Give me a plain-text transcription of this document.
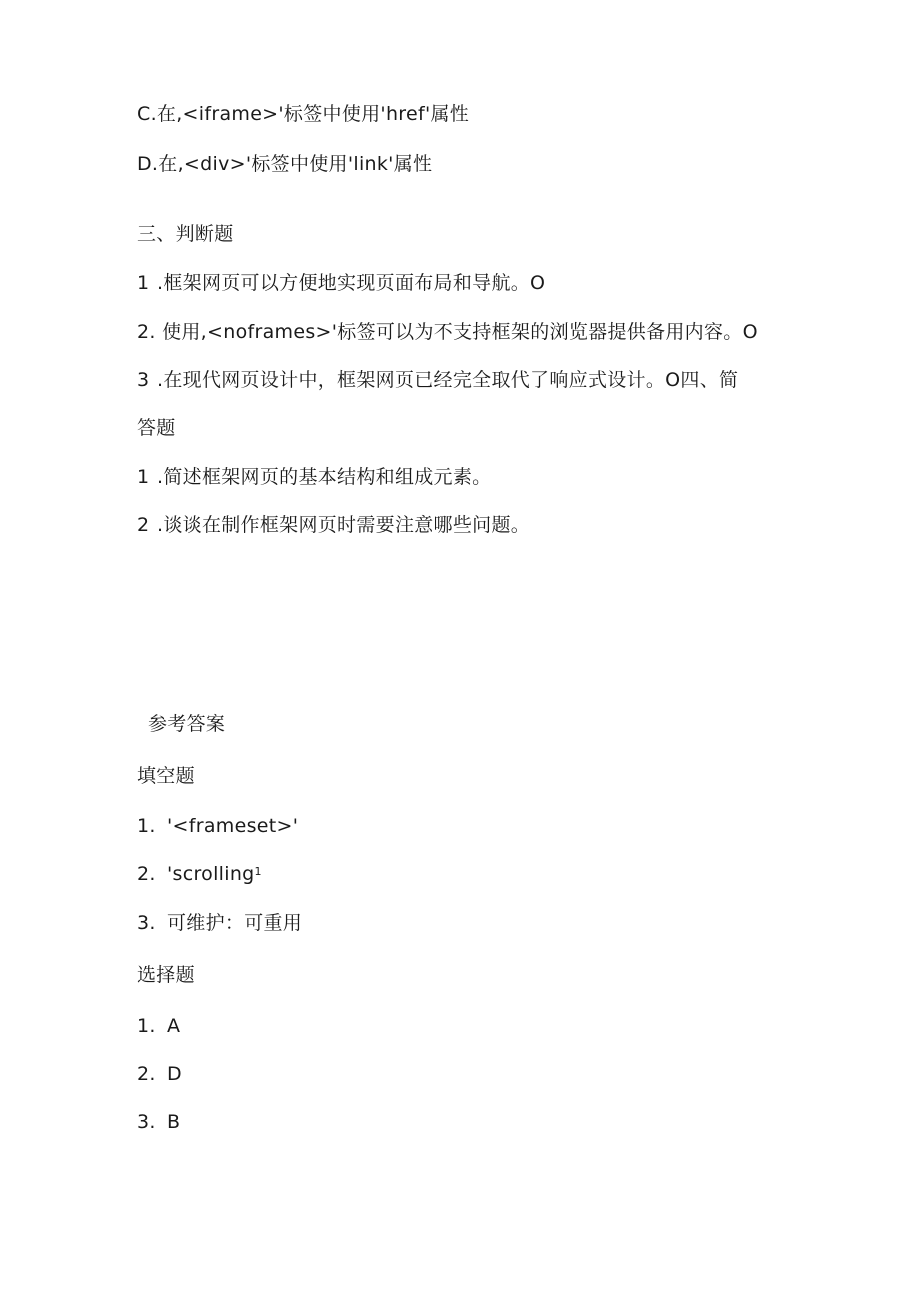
C.在,<iframe>'标签中使用'href'属性
D.在,<div>'标签中使用'link'属性
三、判断题
1 .框架网页可以方便地实现页面布局和导航。O
2. 使用,<noframes>'标签可以为不支持框架的浏览器提供备用内容。O
3 .在现代网页设计中，框架网页已经完全取代了响应式设计。O四、简
答题
1 .简述框架网页的基本结构和组成元素。
2 .谈谈在制作框架网页时需要注意哪些问题。
参考答案
填空题
1. '<frameset>'
2. 'scrolling$^1$
3. 可维护：可重用
选择题
1. A
2. D
3. B
